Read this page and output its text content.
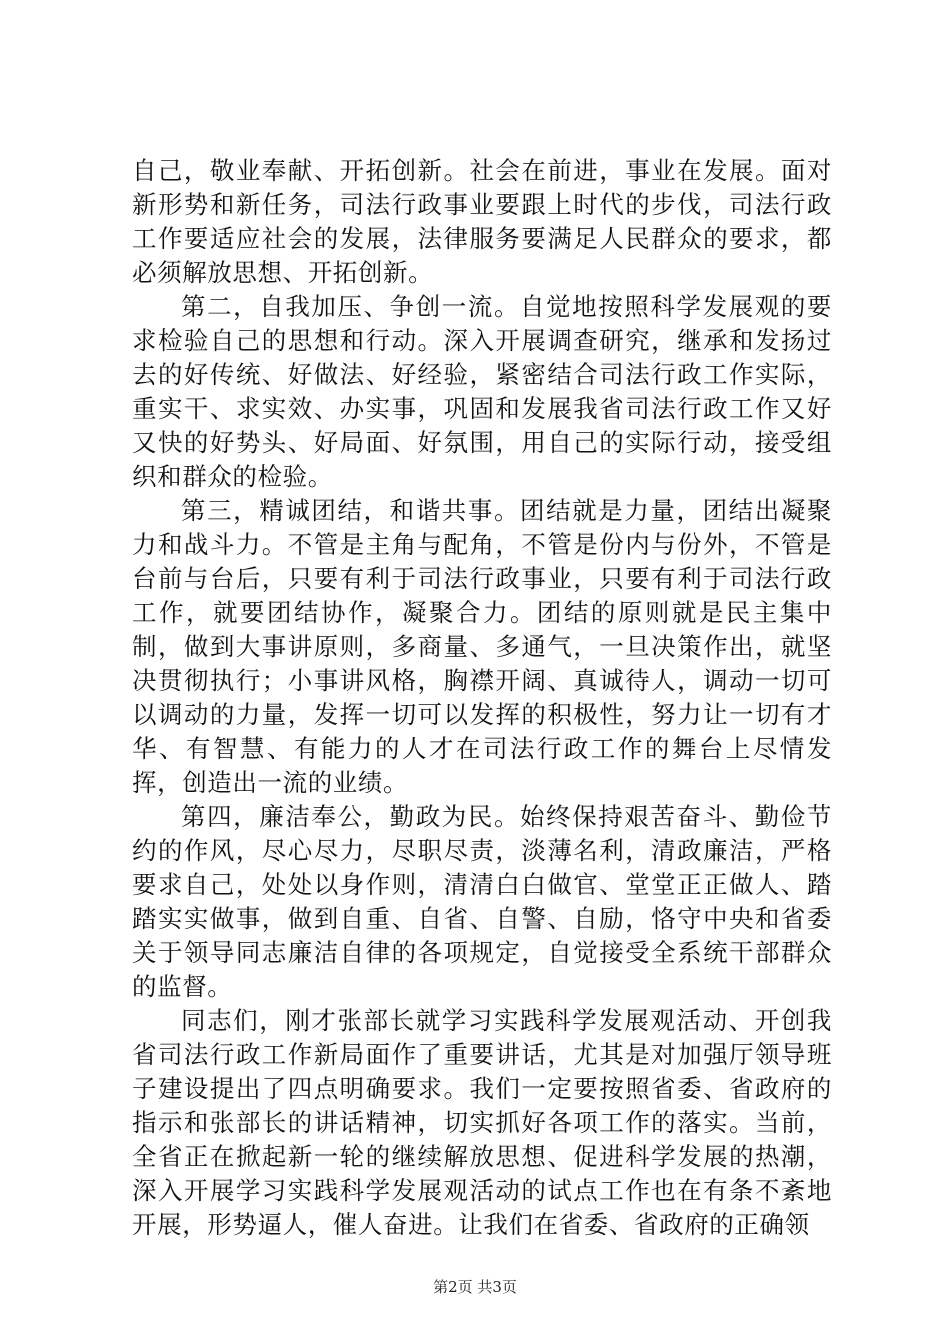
自己，敬业奉献、开拓创新。社会在前进，事业在发展。面对新形势和新任务，司法行政事业要跟上时代的步伐，司法行政工作要适应社会的发展，法律服务要满足人民群众的要求，都必须解放思想、开拓创新。

第二，自我加压、争创一流。自觉地按照科学发展观的要求检验自己的思想和行动。深入开展调查研究，继承和发扬过去的好传统、好做法、好经验，紧密结合司法行政工作实际，重实干、求实效、办实事，巩固和发展我省司法行政工作又好又快的好势头、好局面、好氛围，用自己的实际行动，接受组织和群众的检验。

第三，精诚团结，和谐共事。团结就是力量，团结出凝聚力和战斗力。不管是主角与配角，不管是份内与份外，不管是台前与台后，只要有利于司法行政事业，只要有利于司法行政工作，就要团结协作，凝聚合力。团结的原则就是民主集中制，做到大事讲原则，多商量、多通气，一旦决策作出，就坚决贯彻执行；小事讲风格，胸襟开阔、真诚待人，调动一切可以调动的力量，发挥一切可以发挥的积极性，努力让一切有才华、有智慧、有能力的人才在司法行政工作的舞台上尽情发挥，创造出一流的业绩。

第四，廉洁奉公，勤政为民。始终保持艰苦奋斗、勤俭节约的作风，尽心尽力，尽职尽责，淡薄名利，清政廉洁，严格要求自己，处处以身作则，清清白白做官、堂堂正正做人、踏踏实实做事，做到自重、自省、自警、自励，恪守中央和省委关于领导同志廉洁自律的各项规定，自觉接受全系统干部群众的监督。

同志们，刚才张部长就学习实践科学发展观活动、开创我省司法行政工作新局面作了重要讲话，尤其是对加强厅领导班子建设提出了四点明确要求。我们一定要按照省委、省政府的指示和张部长的讲话精神，切实抓好各项工作的落实。当前，全省正在掀起新一轮的继续解放思想、促进科学发展的热潮，深入开展学习实践科学发展观活动的试点工作也在有条不紊地开展，形势逼人，催人奋进。让我们在省委、省政府的正确领

第2页 共3页
